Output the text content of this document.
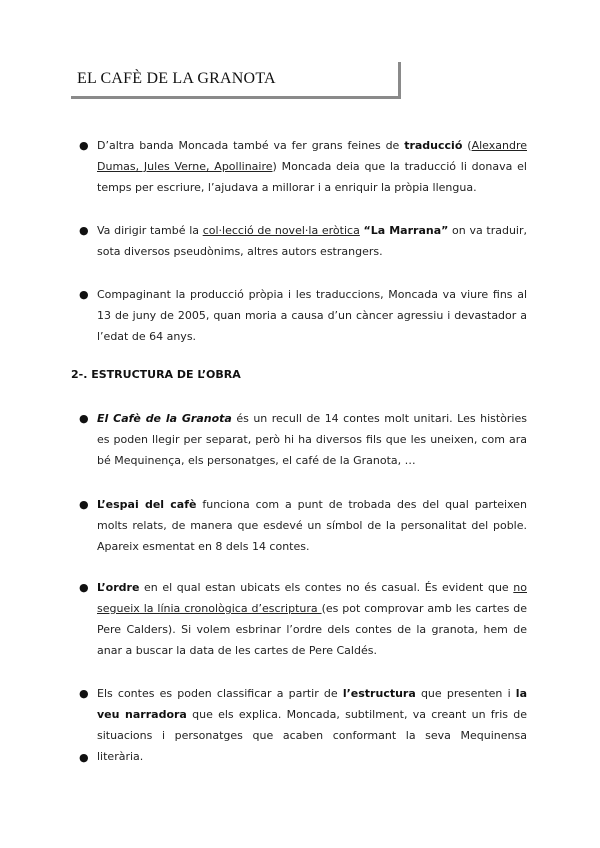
EL CAFÈ DE LA GRANOTA
● D’altra banda Moncada també va fer grans feines de traducció (Alexandre Dumas, Jules Verne, Apollinaire) Moncada deia que la traducció li donava el temps per escriure, l’ajudava a millorar i a enriquir la pròpia llengua.
● Va dirigir també la col·lecció de novel·la eròtica “La Marrana” on va traduir, sota diversos pseudònims, altres autors estrangers.
● Compaginant la producció pròpia i les traduccions, Moncada va viure fins al 13 de juny de 2005, quan moria a causa d’un càncer agressiu i devastador a l’edat de 64 anys.
2-. ESTRUCTURA DE L’OBRA
● El Cafè de la Granota és un recull de 14 contes molt unitari. Les històries es poden llegir per separat, però hi ha diversos fils que les uneixen, com ara bé Mequinença, els personatges, el café de la Granota, …
● L’espai del cafè funciona com a punt de trobada des del qual parteixen molts relats, de manera que esdevé un símbol de la personalitat del poble. Apareix esmentat en 8 dels 14 contes.
● L’ordre en el qual estan ubicats els contes no és casual. És evident que no segueix la línia cronològica d’escriptura (es pot comprovar amb les cartes de Pere Calders). Si volem esbrinar l’ordre dels contes de la granota, hem de anar a buscar la data de les cartes de Pere Caldés.
● Els contes es poden classificar a partir de l’estructura que presenten i la veu narradora que els explica. Moncada, subtilment, va creant un fris de situacions i personatges que acaben conformant la seva Mequinensa literària.
●
